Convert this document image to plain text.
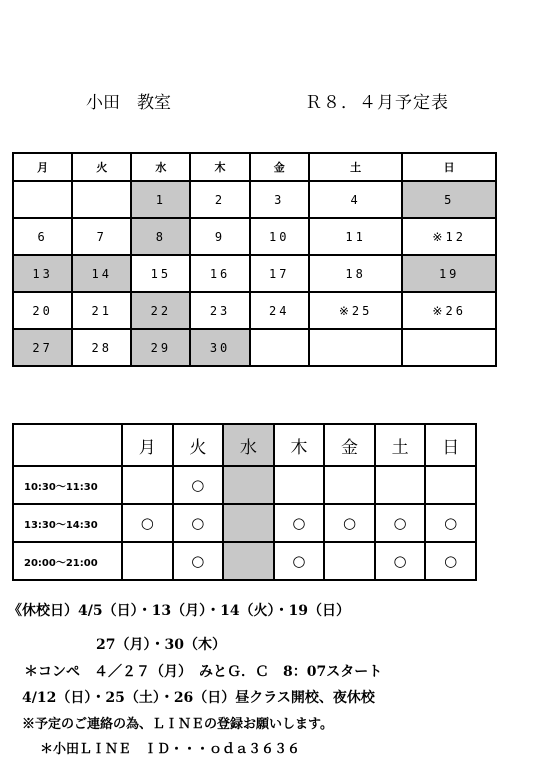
小田　教室	Ｒ８．４月予定表
月	火	水	木	金	土	日
		1	2	3	4	5
6	7	8	9	10	11	※12
13	14	15	16	17	18	19
20	21	22	23	24	※25	※26
27	28	29	30			
	月	火	水	木	金	土	日
10:30〜11:30		○					
13:30〜14:30	○	○		○	○	○	○
20:00〜21:00		○		○		○	○
《休校日）4/5（日）・13（月）・14（火）・19（日）
27（月）・30（木）
＊コンペ　４／２７（月）　みとＧ．Ｃ　8：07スタート
4/12（日）・25（土）・26（日）昼クラス開校、夜休校
※予定のご連絡の為、ＬＩＮＥの登録お願いします。
＊小田ＬＩＮＥ　ＩＤ・・・ｏｄａ３６３６
